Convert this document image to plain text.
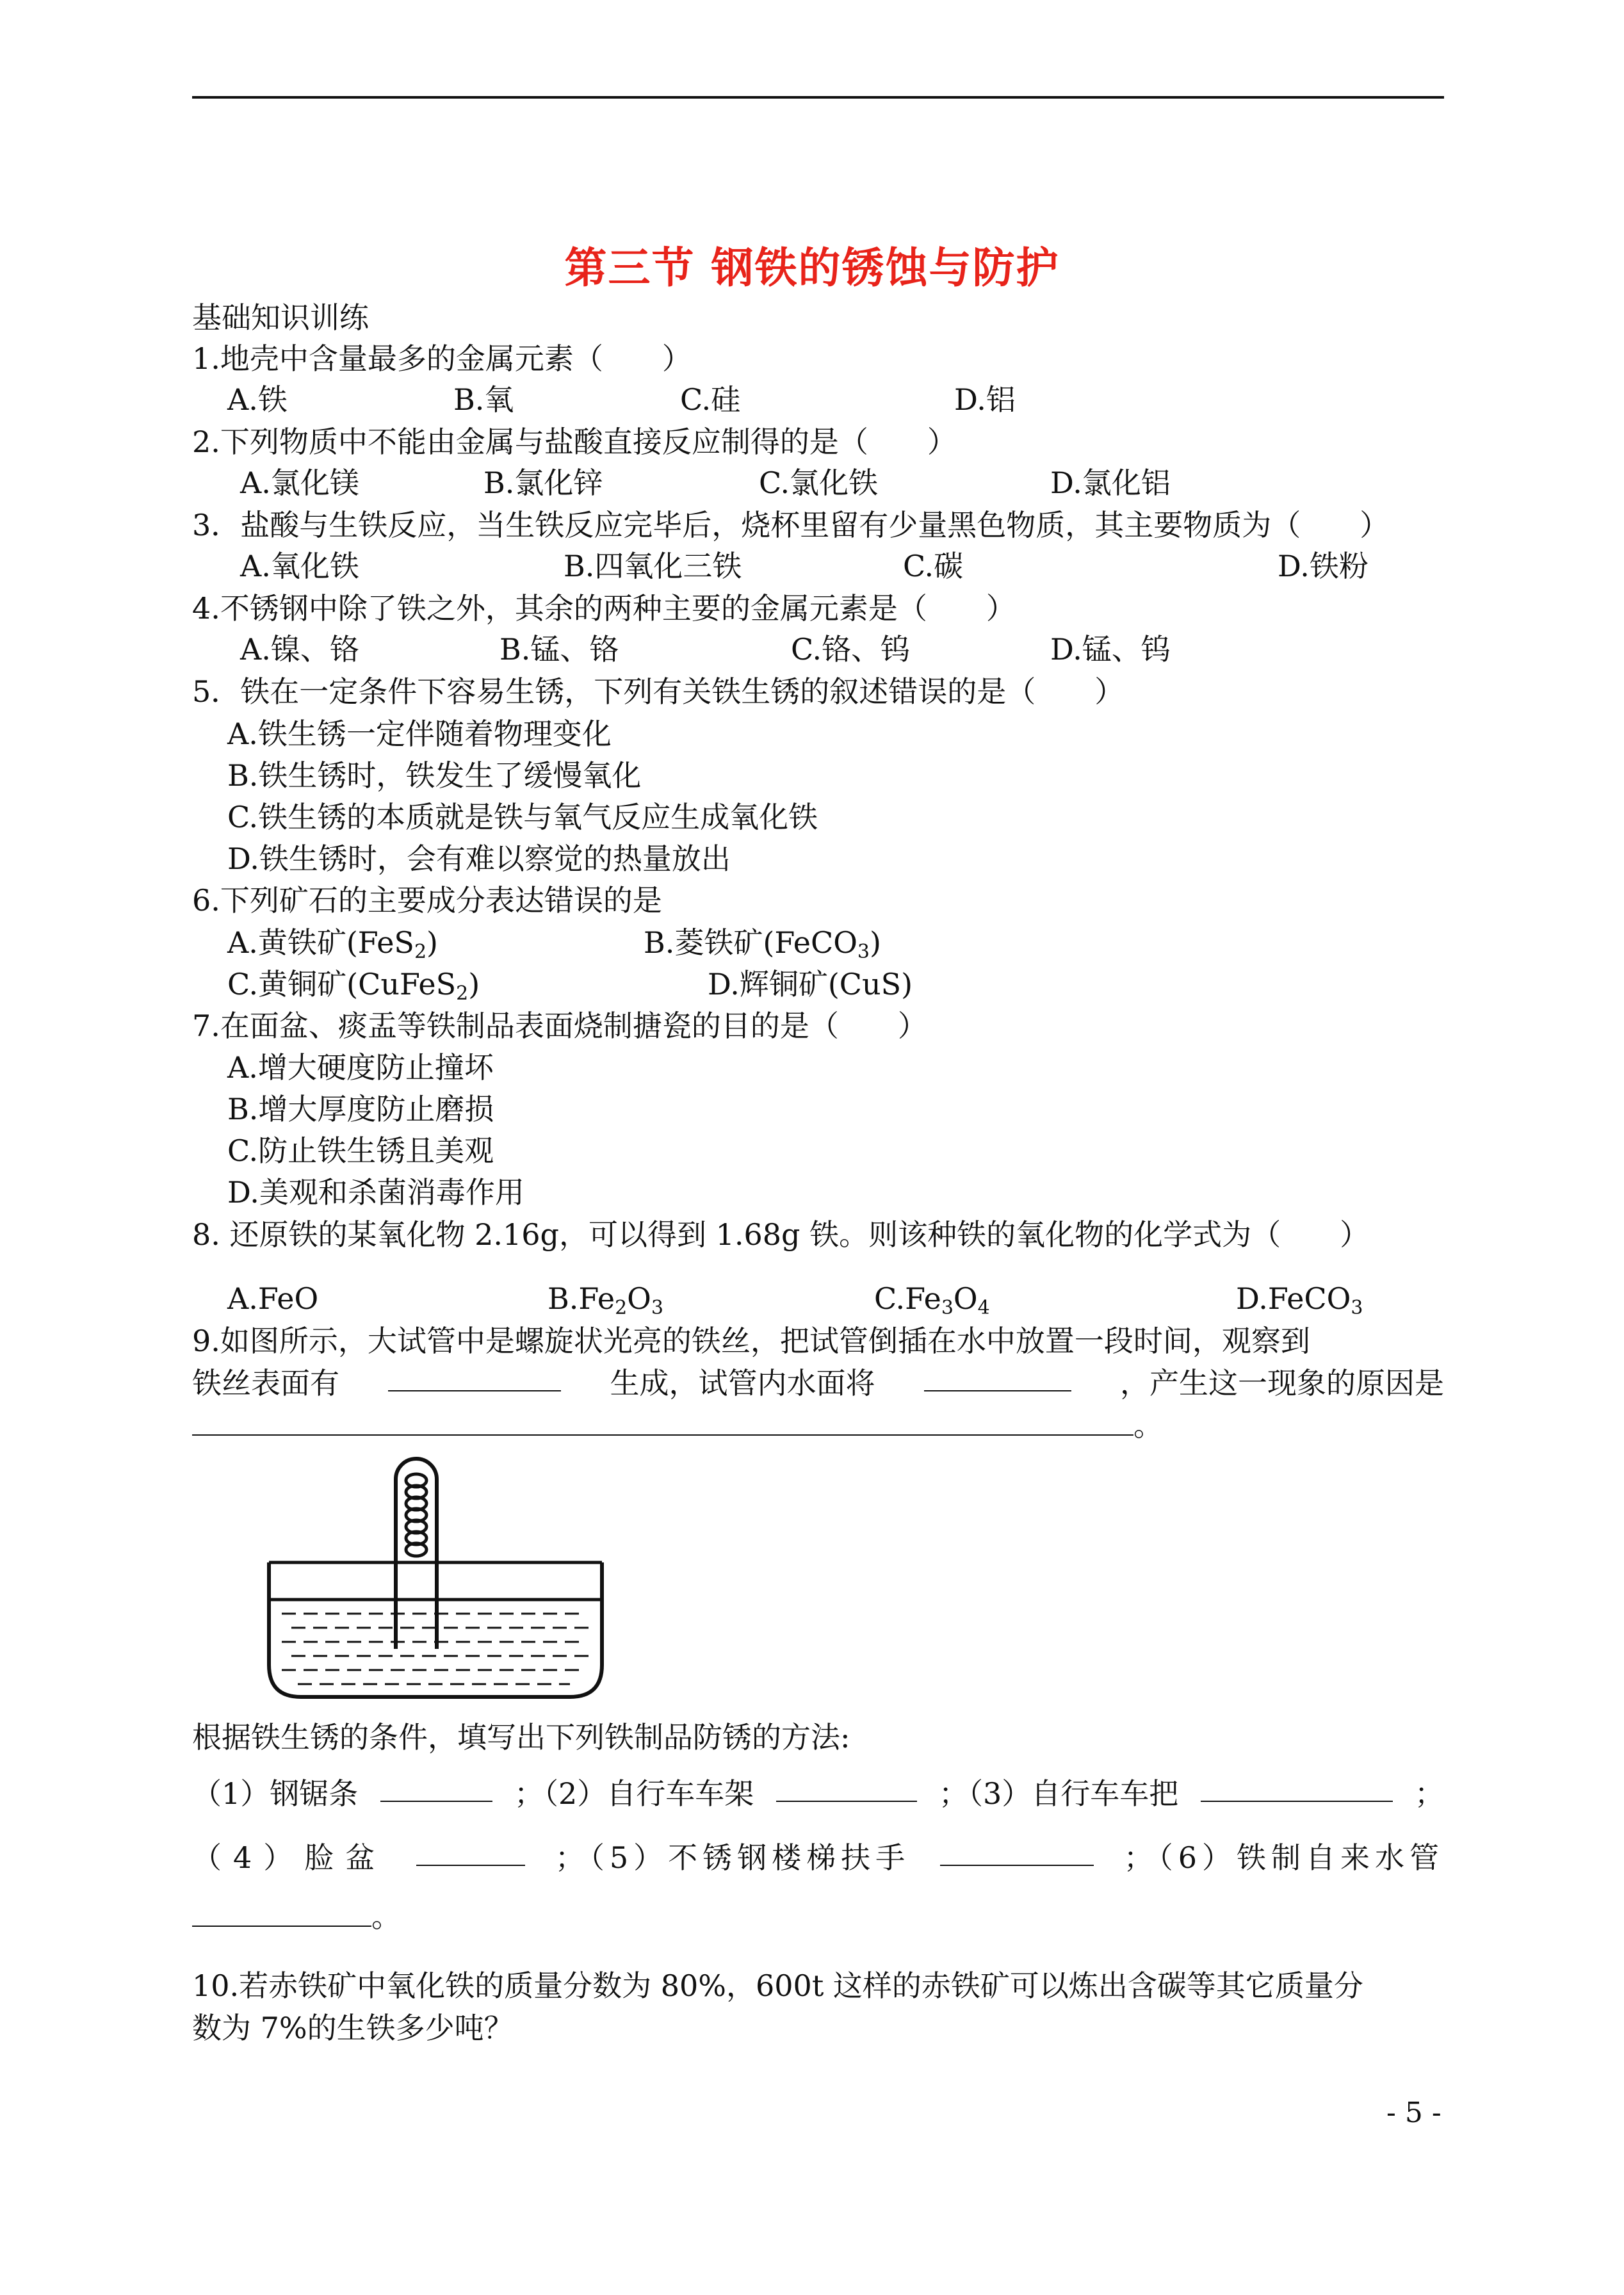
第三节 钢铁的锈蚀与防护
基础知识训练
1.地壳中含量最多的金属元素（　　）
A.铁	B.氧	C.硅	D.铝
2.下列物质中不能由金属与盐酸直接反应制得的是（　　）
A.氯化镁	B.氯化锌	C.氯化铁	D.氯化铝
3．盐酸与生铁反应，当生铁反应完毕后，烧杯里留有少量黑色物质，其主要物质为（　　）
A.氧化铁	B.四氧化三铁	C.碳	D.铁粉
4.不锈钢中除了铁之外，其余的两种主要的金属元素是（　　）
A.镍、铬	B.锰、铬	C.铬、钨	D.锰、钨
5．铁在一定条件下容易生锈，下列有关铁生锈的叙述错误的是（　　）
A.铁生锈一定伴随着物理变化
B.铁生锈时，铁发生了缓慢氧化
C.铁生锈的本质就是铁与氧气反应生成氧化铁
D.铁生锈时，会有难以察觉的热量放出
6.下列矿石的主要成分表达错误的是
A.黄铁矿(FeS$_2$)	B.菱铁矿(FeCO$_3$)
C.黄铜矿(CuFeS$_2$)	D.辉铜矿(CuS)
7.在面盆、痰盂等铁制品表面烧制搪瓷的目的是（　　）
A.增大硬度防止撞坏
B.增大厚度防止磨损
C.防止铁生锈且美观
D.美观和杀菌消毒作用
8. 还原铁的某氧化物 2.16g，可以得到 1.68g 铁。则该种铁的氧化物的化学式为（　　）
A.FeO	$B.Fe_2O_3$	$C.Fe_3O_4$	D.FeCO$_3$
9.如图所示，大试管中是螺旋状光亮的铁丝，把试管倒插在水中放置一段时间，观察到
铁丝表面有	生成，试管内水面将	，产生这一现象的原因是
。
根据铁生锈的条件，填写出下列铁制品防锈的方法:
（1）钢锯条	；（2）自行车车架	；（3）自行车车把	；
（4）脸盆	；（5）不锈钢楼梯扶手	；（6）铁制自来水管
。
10.若赤铁矿中氧化铁的质量分数为 80%，600t 这样的赤铁矿可以炼出含碳等其它质量分
数为 7%的生铁多少吨？
- 5 -
